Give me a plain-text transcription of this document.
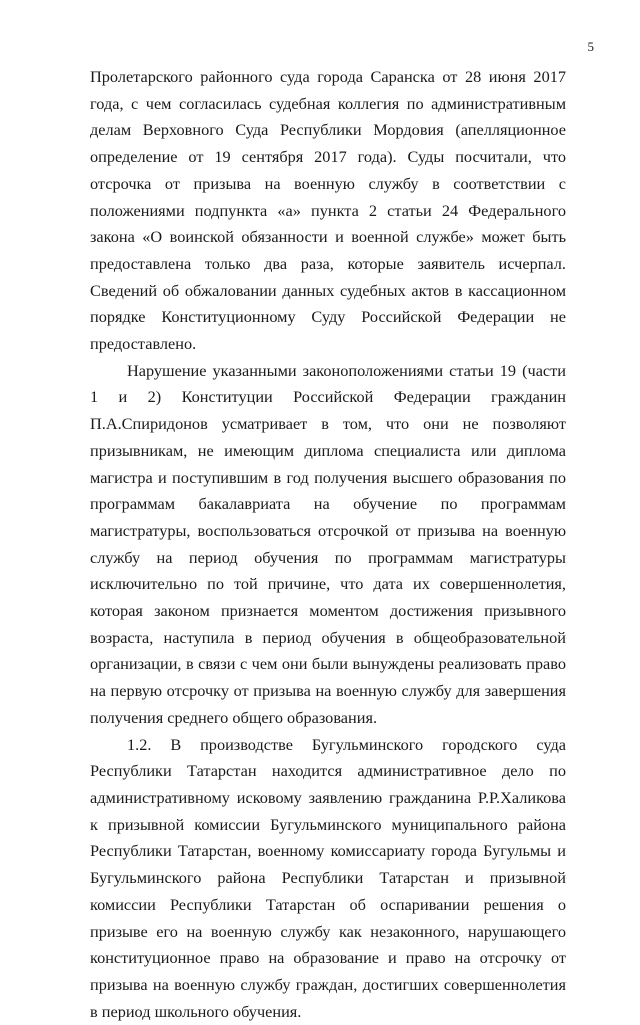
5

Пролетарского районного суда города Саранска от 28 июня 2017 года, с чем согласилась судебная коллегия по административным делам Верховного Суда Республики Мордовия (апелляционное определение от 19 сентября 2017 года). Суды посчитали, что отсрочка от призыва на военную службу в соответствии с положениями подпункта «а» пункта 2 статьи 24 Федерального закона «О воинской обязанности и военной службе» может быть предоставлена только два раза, которые заявитель исчерпал. Сведений об обжаловании данных судебных актов в кассационном порядке Конституционному Суду Российской Федерации не предоставлено.

Нарушение указанными законоположениями статьи 19 (части 1 и 2) Конституции Российской Федерации гражданин П.А.Спиридонов усматривает в том, что они не позволяют призывникам, не имеющим диплома специалиста или диплома магистра и поступившим в год получения высшего образования по программам бакалавриата на обучение по программам магистратуры, воспользоваться отсрочкой от призыва на военную службу на период обучения по программам магистратуры исключительно по той причине, что дата их совершеннолетия, которая законом признается моментом достижения призывного возраста, наступила в период обучения в общеобразовательной организации, в связи с чем они были вынуждены реализовать право на первую отсрочку от призыва на военную службу для завершения получения среднего общего образования.

1.2. В производстве Бугульминского городского суда Республики Татарстан находится административное дело по административному исковому заявлению гражданина Р.Р.Халикова к призывной комиссии Бугульминского муниципального района Республики Татарстан, военному комиссариату города Бугульмы и Бугульминского района Республики Татарстан и призывной комиссии Республики Татарстан об оспаривании решения о призыве его на военную службу как незаконного, нарушающего конституционное право на образование и право на отсрочку от призыва на военную службу граждан, достигших совершеннолетия в период школьного обучения.
